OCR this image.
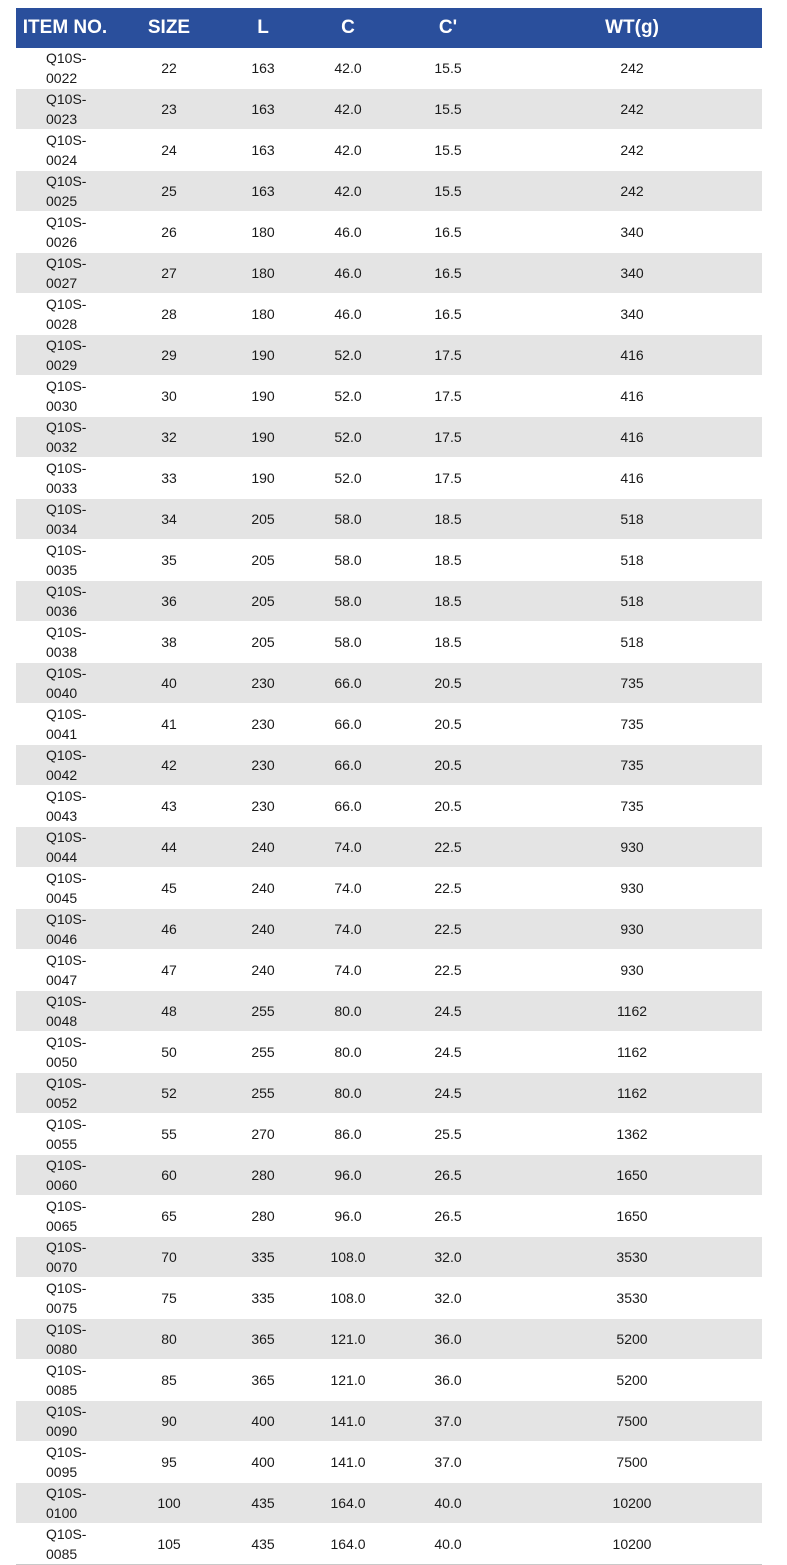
ITEM NO.	SIZE	L	C	C'	WT(g)
Q10S-0022	22	163	42.0	15.5	242
Q10S-0023	23	163	42.0	15.5	242
Q10S-0024	24	163	42.0	15.5	242
Q10S-0025	25	163	42.0	15.5	242
Q10S-0026	26	180	46.0	16.5	340
Q10S-0027	27	180	46.0	16.5	340
Q10S-0028	28	180	46.0	16.5	340
Q10S-0029	29	190	52.0	17.5	416
Q10S-0030	30	190	52.0	17.5	416
Q10S-0032	32	190	52.0	17.5	416
Q10S-0033	33	190	52.0	17.5	416
Q10S-0034	34	205	58.0	18.5	518
Q10S-0035	35	205	58.0	18.5	518
Q10S-0036	36	205	58.0	18.5	518
Q10S-0038	38	205	58.0	18.5	518
Q10S-0040	40	230	66.0	20.5	735
Q10S-0041	41	230	66.0	20.5	735
Q10S-0042	42	230	66.0	20.5	735
Q10S-0043	43	230	66.0	20.5	735
Q10S-0044	44	240	74.0	22.5	930
Q10S-0045	45	240	74.0	22.5	930
Q10S-0046	46	240	74.0	22.5	930
Q10S-0047	47	240	74.0	22.5	930
Q10S-0048	48	255	80.0	24.5	1162
Q10S-0050	50	255	80.0	24.5	1162
Q10S-0052	52	255	80.0	24.5	1162
Q10S-0055	55	270	86.0	25.5	1362
Q10S-0060	60	280	96.0	26.5	1650
Q10S-0065	65	280	96.0	26.5	1650
Q10S-0070	70	335	108.0	32.0	3530
Q10S-0075	75	335	108.0	32.0	3530
Q10S-0080	80	365	121.0	36.0	5200
Q10S-0085	85	365	121.0	36.0	5200
Q10S-0090	90	400	141.0	37.0	7500
Q10S-0095	95	400	141.0	37.0	7500
Q10S-0100	100	435	164.0	40.0	10200
Q10S-0085	105	435	164.0	40.0	10200
